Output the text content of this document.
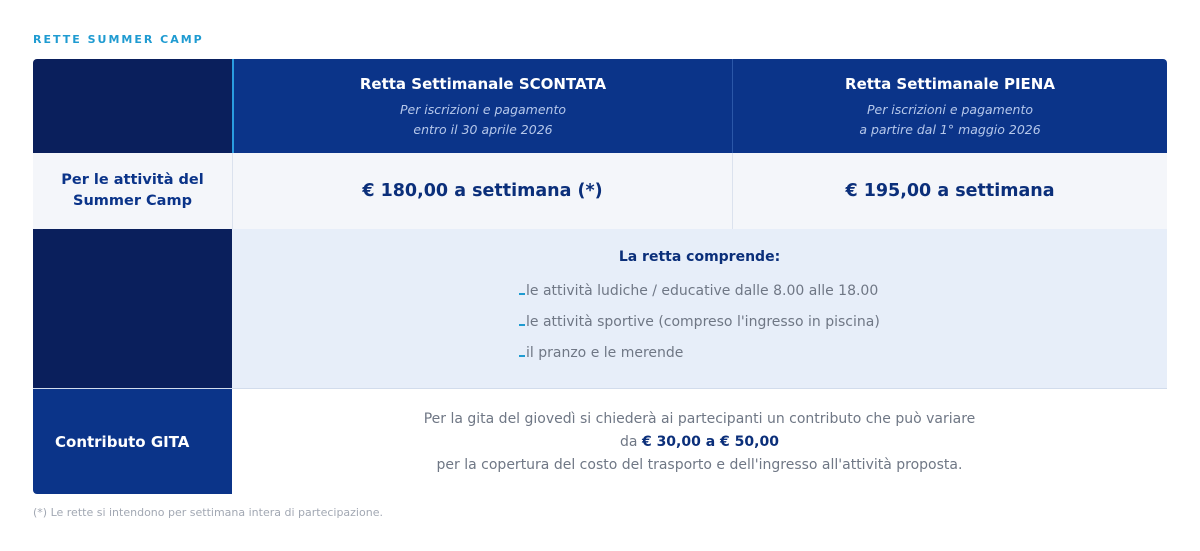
RETTE SUMMER CAMP
Retta Settimanale SCONTATA
Per iscrizioni e pagamento
entro il 30 aprile 2026
Retta Settimanale PIENA
Per iscrizioni e pagamento
a partire dal 1° maggio 2026
Per le attività del
Summer Camp	€ 180,00 a settimana (*)	€ 195,00 a settimana
La retta comprende:
le attività ludiche / educative dalle 8.00 alle 18.00
le attività sportive (compreso l'ingresso in piscina)
il pranzo e le merende
Contributo GITA
Per la gita del giovedì si chiederà ai partecipanti un contributo che può variare
da € 30,00 a € 50,00
per la copertura del costo del trasporto e dell'ingresso all'attività proposta.
(*) Le rette si intendono per settimana intera di partecipazione.
